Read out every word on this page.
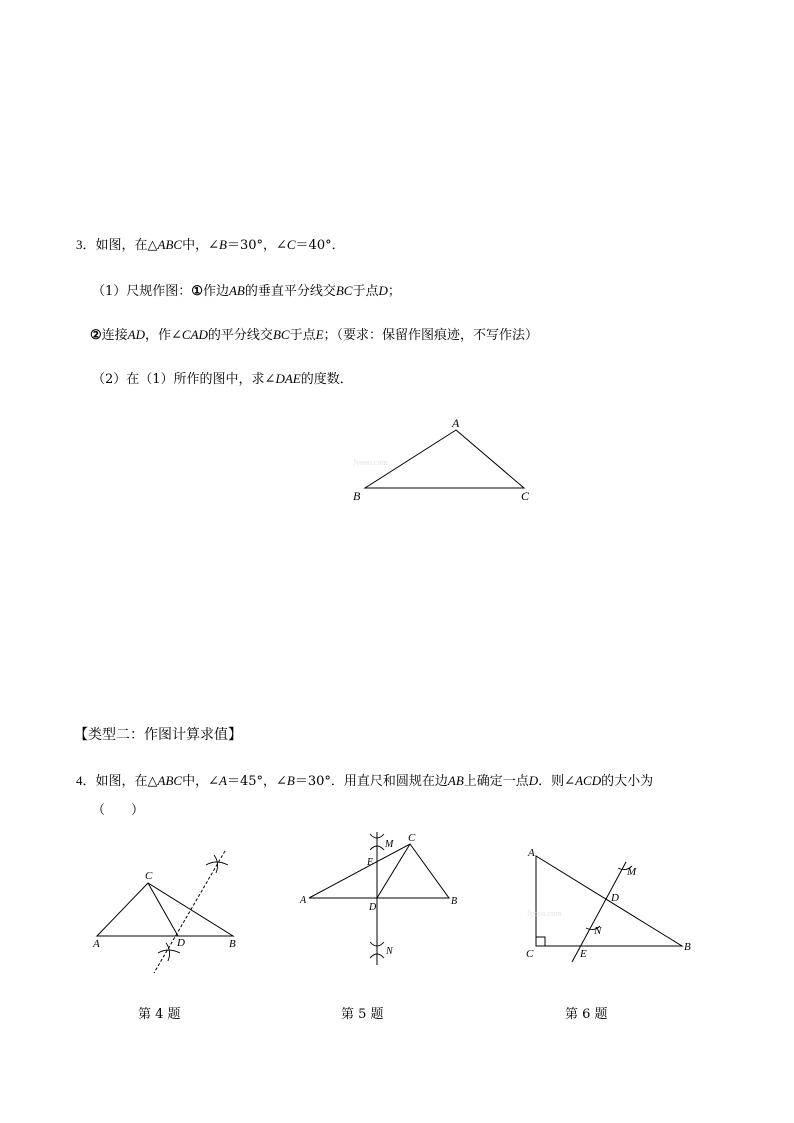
3．如图，在△ABC中，∠B＝30°，∠C＝40°．
（1）尺规作图：①作边AB的垂直平分线交BC于点D；
②连接AD，作∠CAD的平分线交BC于点E；（要求：保留作图痕迹，不写作法）
（2）在（1）所作的图中，求∠DAE的度数．
Jyeoo.com
A
B	C
【类型二：作图计算求值】
4．如图，在△ABC中，∠A＝45°，∠B＝30°．用直尺和圆规在边AB上确定一点D．则∠ACD的大小为
（　　）
C
A	D	B
第 4 题
M
C
E
A
D
B
N
第 5 题
Jyeoo.com
A
M
D
N
C	E
B
第 6 题
